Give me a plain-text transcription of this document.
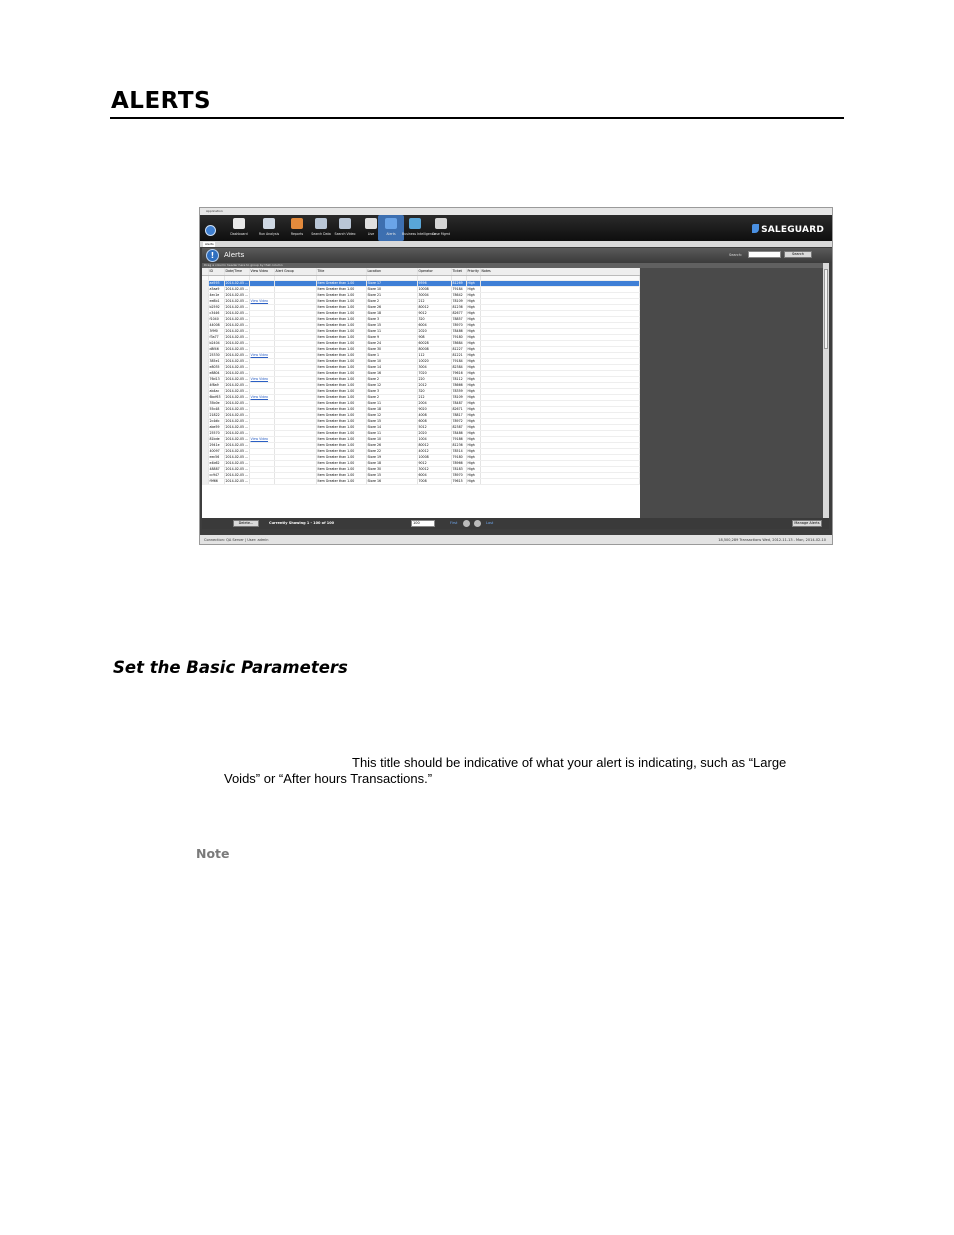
ALERTS
Application
Dashboard	Run Analysis	Reports	Search Data	Search Video	Live	Alerts	Business Intelligence
Case Mgmt	SALEGUARD
Alerts
!	Alerts	Search:	Search
Drag a column header here to group by that column
	ID	Date/Time	View Video	Alert Group	Title	Location	Operator	Ticket	Priority	Notes

	ae593	2014-02-05 ...			Item Greater than 1.00	Store 17	9596	81269	High	
	a5aa9	2014-02-05 ...			Item Greater than 1.00	Store 10	10008	79184	High	
	4ec1e	2014-02-05 ...			Item Greater than 1.00	Store 21	30004	78642	High	
	ee8b1	2014-02-05 ...	View Video		Item Greater than 1.00	Store 2	212	78109	High	
	b2592	2014-02-05 ...			Item Greater than 1.00	Store 26	80012	81236	High	
	c3446	2014-02-05 ...			Item Greater than 1.00	Store 18	9012	82677	High	
	f1040	2014-02-05 ...			Item Greater than 1.00	Store 3	320	78857	High	
	44008	2014-02-05 ...			Item Greater than 1.00	Store 15	6004	78970	High	
	3f9f0	2014-02-05 ...			Item Greater than 1.00	Store 11	2020	78486	High	
	f3a77	2014-02-05 ...			Item Greater than 1.00	Store 9	908	79180	High	
	b2404	2014-02-05 ...			Item Greater than 1.00	Store 24	60028	78684	High	
	d8f46	2014-02-05 ...			Item Greater than 1.00	Store 30	80008	81227	High	
	25330	2014-02-05 ...	View Video		Item Greater than 1.00	Store 1	112	81221	High	
	385e1	2014-02-05 ...			Item Greater than 1.00	Store 10	10020	79184	High	
	e8035	2014-02-05 ...			Item Greater than 1.00	Store 14	3004	82384	High	
	e8804	2014-02-05 ...			Item Greater than 1.00	Store 16	7020	79616	High	
	76d13	2014-02-05 ...	View Video		Item Greater than 1.00	Store 2	220	78112	High	
	4f8a9	2014-02-05 ...			Item Greater than 1.00	Store 12	2012	78666	High	
	ab4ac	2014-02-05 ...			Item Greater than 1.00	Store 3	320	78359	High	
	6bcf63	2014-02-05 ...	View Video		Item Greater than 1.00	Store 2	212	78109	High	
	35b0e	2014-02-05 ...			Item Greater than 1.00	Store 11	2004	78487	High	
	55c48	2014-02-05 ...			Item Greater than 1.00	Store 18	9020	82671	High	
	21822	2014-02-05 ...			Item Greater than 1.00	Store 12	4008	78817	High	
	2c4db	2014-02-05 ...			Item Greater than 1.00	Store 15	6008	78972	High	
	abe59	2014-02-05 ...			Item Greater than 1.00	Store 14	5012	82387	High	
	25570	2014-02-05 ...			Item Greater than 1.00	Store 11	2020	78486	High	
	81bde	2014-02-05 ...	View Video		Item Greater than 1.00	Store 10	1004	79186	High	
	2941e	2014-02-05 ...			Item Greater than 1.00	Store 26	80012	81236	High	
	40097	2014-02-05 ...			Item Greater than 1.00	Store 22	40012	78514	High	
	eec56	2014-02-05 ...			Item Greater than 1.00	Store 19	10008	79180	High	
	e4b62	2014-02-05 ...			Item Greater than 1.00	Store 18	9012	78966	High	
	48887	2014-02-05 ...			Item Greater than 1.00	Store 30	30012	78183	High	
	cc947	2014-02-05 ...			Item Greater than 1.00	Store 15	6004	78970	High	
	f9f66	2014-02-05 ...			Item Greater than 1.00	Store 16	7008	79615	High	
Delete...	Currently Showing 1 - 100 of 100	100	First	Last	Manage Alerts
Connection: QA Server | User: admin	18,500,289 Transactions Wed, 2012-11-13 - Mon, 2014-02-10
Set the Basic Parameters
This title should be indicative of what your alert is indicating, such as “Large Voids” or “After hours Transactions.”
Note
